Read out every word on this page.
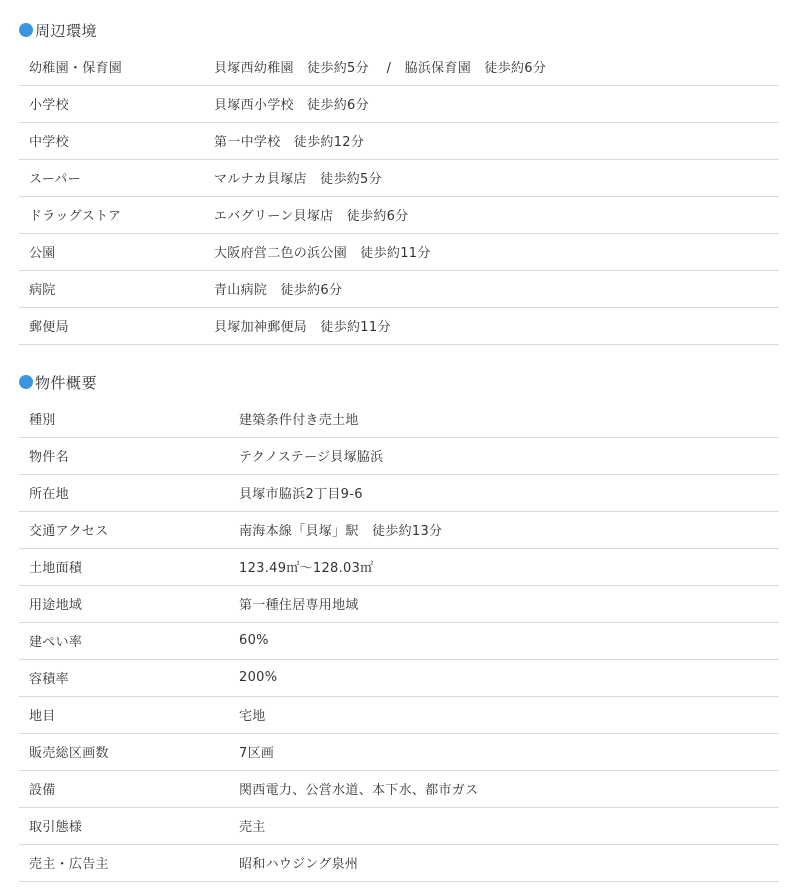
周辺環境
幼稚園・保育園	貝塚西幼稚園　徒歩約5分　 /　脇浜保育園　徒歩約6分
小学校	貝塚西小学校　徒歩約6分
中学校	第一中学校　徒歩約12分
スーパー	マルナカ貝塚店　徒歩約5分
ドラッグストア	エバグリーン貝塚店　徒歩約6分
公園	大阪府営二色の浜公園　徒歩約11分
病院	青山病院　徒歩約6分
郵便局	貝塚加神郵便局　徒歩約11分
物件概要
種別	建築条件付き売土地
物件名	テクノステージ貝塚脇浜
所在地	貝塚市脇浜2丁目9-6
交通アクセス	南海本線「貝塚」駅　徒歩約13分
土地面積	123.49㎡〜128.03㎡
用途地域	第一種住居専用地域
建ぺい率	60%
容積率	200%
地目	宅地
販売総区画数	7区画
設備	関西電力、公営水道、本下水、都市ガス
取引態様	売主
売主・広告主	昭和ハウジング泉州
